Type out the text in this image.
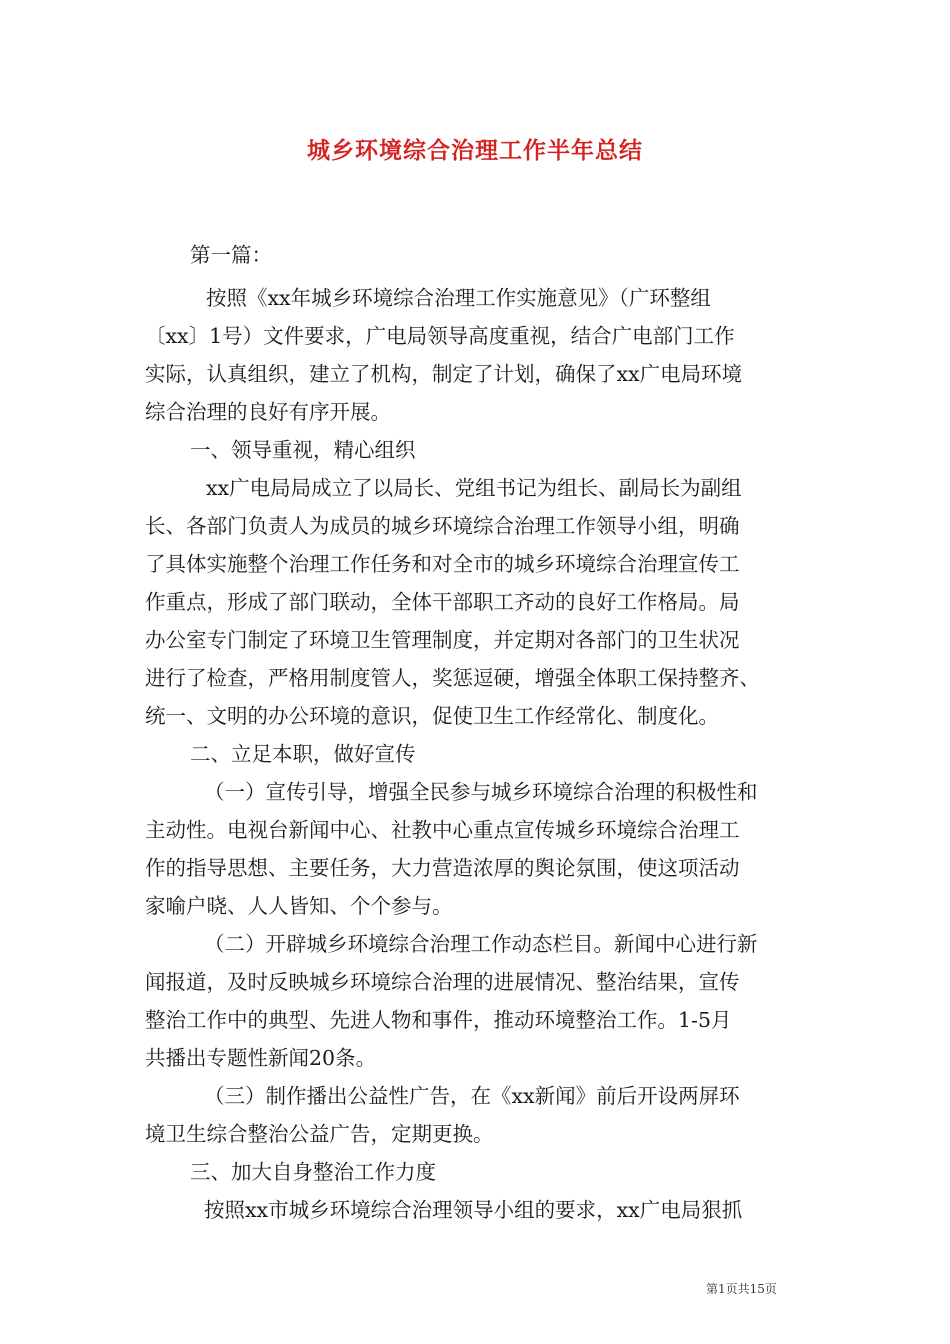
城乡环境综合治理工作半年总结
第一篇：
按照《xx年城乡环境综合治理工作实施意见》（广环整组
〔xx〕1号）文件要求，广电局领导高度重视，结合广电部门工作
实际，认真组织，建立了机构，制定了计划，确保了xx广电局环境
综合治理的良好有序开展。
一、领导重视，精心组织
xx广电局局成立了以局长、党组书记为组长、副局长为副组
长、各部门负责人为成员的城乡环境综合治理工作领导小组，明确
了具体实施整个治理工作任务和对全市的城乡环境综合治理宣传工
作重点，形成了部门联动，全体干部职工齐动的良好工作格局。局
办公室专门制定了环境卫生管理制度，并定期对各部门的卫生状况
进行了检查，严格用制度管人，奖惩逗硬，增强全体职工保持整齐、
统一、文明的办公环境的意识，促使卫生工作经常化、制度化。
二、立足本职，做好宣传
（一）宣传引导，增强全民参与城乡环境综合治理的积极性和
主动性。电视台新闻中心、社教中心重点宣传城乡环境综合治理工
作的指导思想、主要任务，大力营造浓厚的舆论氛围，使这项活动
家喻户晓、人人皆知、个个参与。
（二）开辟城乡环境综合治理工作动态栏目。新闻中心进行新
闻报道，及时反映城乡环境综合治理的进展情况、整治结果，宣传
整治工作中的典型、先进人物和事件，推动环境整治工作。1-5月
共播出专题性新闻20条。
（三）制作播出公益性广告，在《xx新闻》前后开设两屏环
境卫生综合整治公益广告，定期更换。
三、加大自身整治工作力度
按照xx市城乡环境综合治理领导小组的要求，xx广电局狠抓
第1页共15页
